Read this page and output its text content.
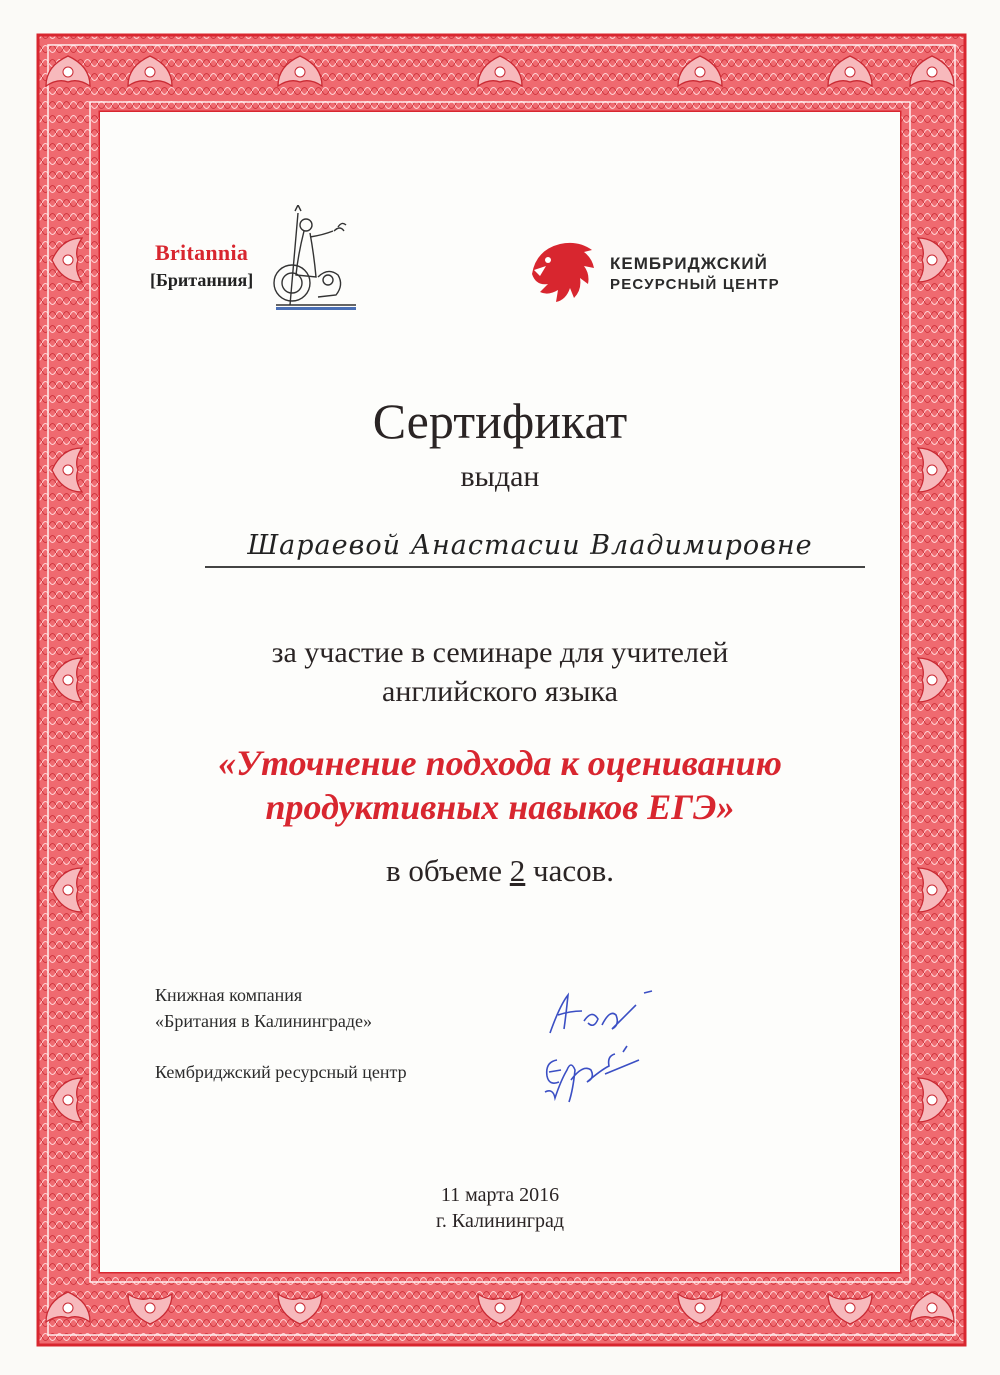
Britannia
[Британния]
КЕМБРИДЖСКИЙ
РЕСУРСНЫЙ ЦЕНТР
Сертификат
выдан
Шараевой Анастасии Владимировне
за участие в семинаре для учителей
английского языка
«Уточнение подхода к оцениванию
продуктивных навыков ЕГЭ»
в объеме 2 часов.
Книжная компания
«Британия в Калининграде»
Кембриджский ресурсный центр
11 марта 2016
г. Калининград
